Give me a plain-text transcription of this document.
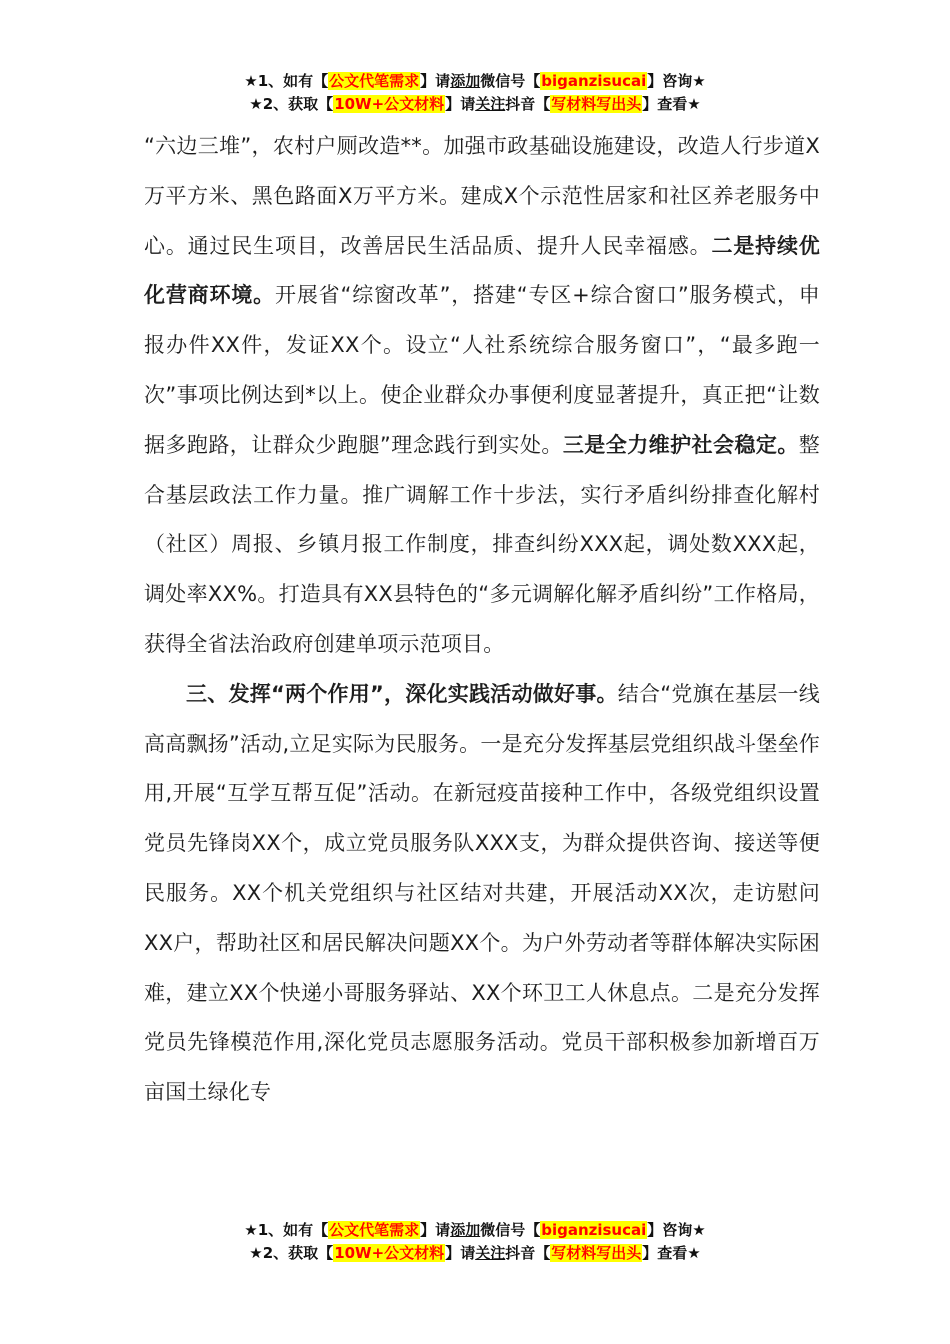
★1、如有【公文代笔需求】请添加微信号【biganzisucai】咨询★
★2、获取【10W+公文材料】请关注抖音【写材料写出头】查看★

“六边三堆”，农村户厕改造**。加强市政基础设施建设，改造人行步道X万平方米、黑色路面X万平方米。建成X个示范性居家和社区养老服务中心。通过民生项目，改善居民生活品质、提升人民幸福感。二是持续优化营商环境。开展省“综窗改革”，搭建“专区+综合窗口”服务模式，申报办件XX件，发证XX个。设立“人社系统综合服务窗口”，“最多跑一次”事项比例达到*以上。使企业群众办事便利度显著提升，真正把“让数据多跑路，让群众少跑腿”理念践行到实处。三是全力维护社会稳定。整合基层政法工作力量。推广调解工作十步法，实行矛盾纠纷排查化解村（社区）周报、乡镇月报工作制度，排查纠纷XXX起，调处数XXX起，调处率XX%。打造具有XX县特色的“多元调解化解矛盾纠纷”工作格局，获得全省法治政府创建单项示范项目。

三、发挥“两个作用”，深化实践活动做好事。结合“党旗在基层一线高高飘扬”活动,立足实际为民服务。一是充分发挥基层党组织战斗堡垒作用,开展“互学互帮互促”活动。在新冠疫苗接种工作中，各级党组织设置党员先锋岗XX个，成立党员服务队XXX支，为群众提供咨询、接送等便民服务。XX个机关党组织与社区结对共建，开展活动XX次，走访慰问XX户，帮助社区和居民解决问题XX个。为户外劳动者等群体解决实际困难，建立XX个快递小哥服务驿站、XX个环卫工人休息点。二是充分发挥党员先锋模范作用,深化党员志愿服务活动。党员干部积极参加新增百万亩国土绿化专

★1、如有【公文代笔需求】请添加微信号【biganzisucai】咨询★
★2、获取【10W+公文材料】请关注抖音【写材料写出头】查看★
